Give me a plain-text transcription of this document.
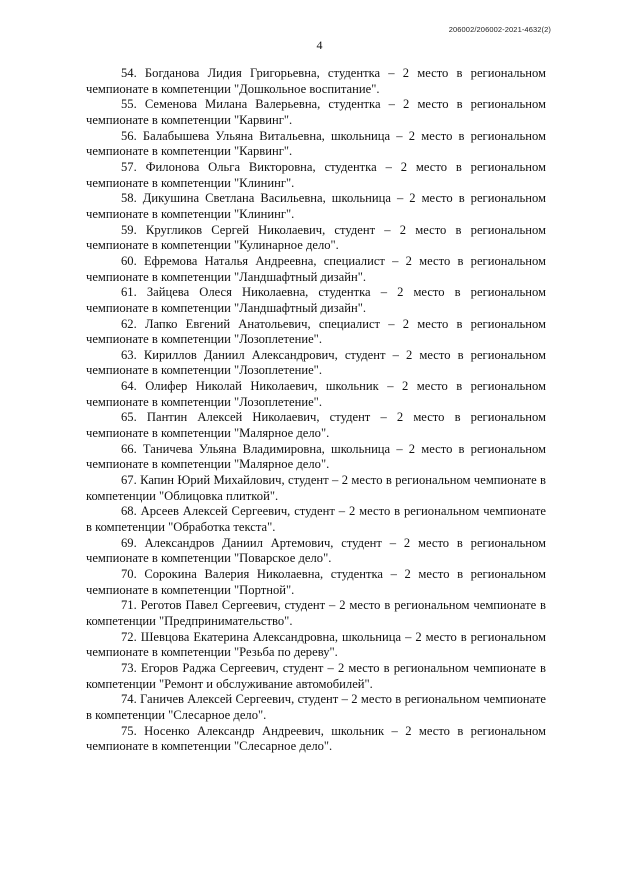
206002/206002-2021-4632(2)
4

54. Богданова Лидия Григорьевна, студентка – 2 место в региональном чемпионате в компетенции "Дошкольное воспитание".

55. Семенова Милана Валерьевна, студентка – 2 место в региональном чемпионате в компетенции "Карвинг".

56. Балабышева Ульяна Витальевна, школьница – 2 место в региональном чемпионате в компетенции "Карвинг".

57. Филонова Ольга Викторовна, студентка – 2 место в региональном чемпионате в компетенции "Клининг".

58. Дикушина Светлана Васильевна, школьница – 2 место в региональном чемпионате в компетенции "Клининг".

59. Кругликов Сергей Николаевич, студент – 2 место в региональном чемпионате в компетенции "Кулинарное дело".

60. Ефремова Наталья Андреевна, специалист – 2 место в региональном чемпионате в компетенции "Ландшафтный дизайн".

61. Зайцева Олеся Николаевна, студентка – 2 место в региональном чемпионате в компетенции "Ландшафтный дизайн".

62. Лапко Евгений Анатольевич, специалист – 2 место в региональном чемпионате в компетенции "Лозоплетение".

63. Кириллов Даниил Александрович, студент – 2 место в региональном чемпионате в компетенции "Лозоплетение".

64. Олифер Николай Николаевич, школьник – 2 место в региональном чемпионате в компетенции "Лозоплетение".

65. Пантин Алексей Николаевич, студент – 2 место в региональном чемпионате в компетенции "Малярное дело".

66. Таничева Ульяна Владимировна, школьница – 2 место в региональном чемпионате в компетенции "Малярное дело".

67. Капин Юрий Михайлович, студент – 2 место в региональном чемпионате в компетенции "Облицовка плиткой".

68. Арсеев Алексей Сергеевич, студент – 2 место в региональном чемпионате в компетенции "Обработка текста".

69. Александров Даниил Артемович, студент – 2 место в региональном чемпионате в компетенции "Поварское дело".

70. Сорокина Валерия Николаевна, студентка – 2 место в региональном чемпионате в компетенции "Портной".

71. Реготов Павел Сергеевич, студент – 2 место в региональном чемпионате в компетенции "Предпринимательство".

72. Шевцова Екатерина Александровна, школьница – 2 место в региональном чемпионате в компетенции "Резьба по дереву".

73. Егоров Раджа Сергеевич, студент – 2 место в региональном чемпионате в компетенции "Ремонт и обслуживание автомобилей".

74. Ганичев Алексей Сергеевич, студент – 2 место в региональном чемпионате в компетенции "Слесарное дело".

75. Носенко Александр Андреевич, школьник – 2 место в региональном чемпионате в компетенции "Слесарное дело".
